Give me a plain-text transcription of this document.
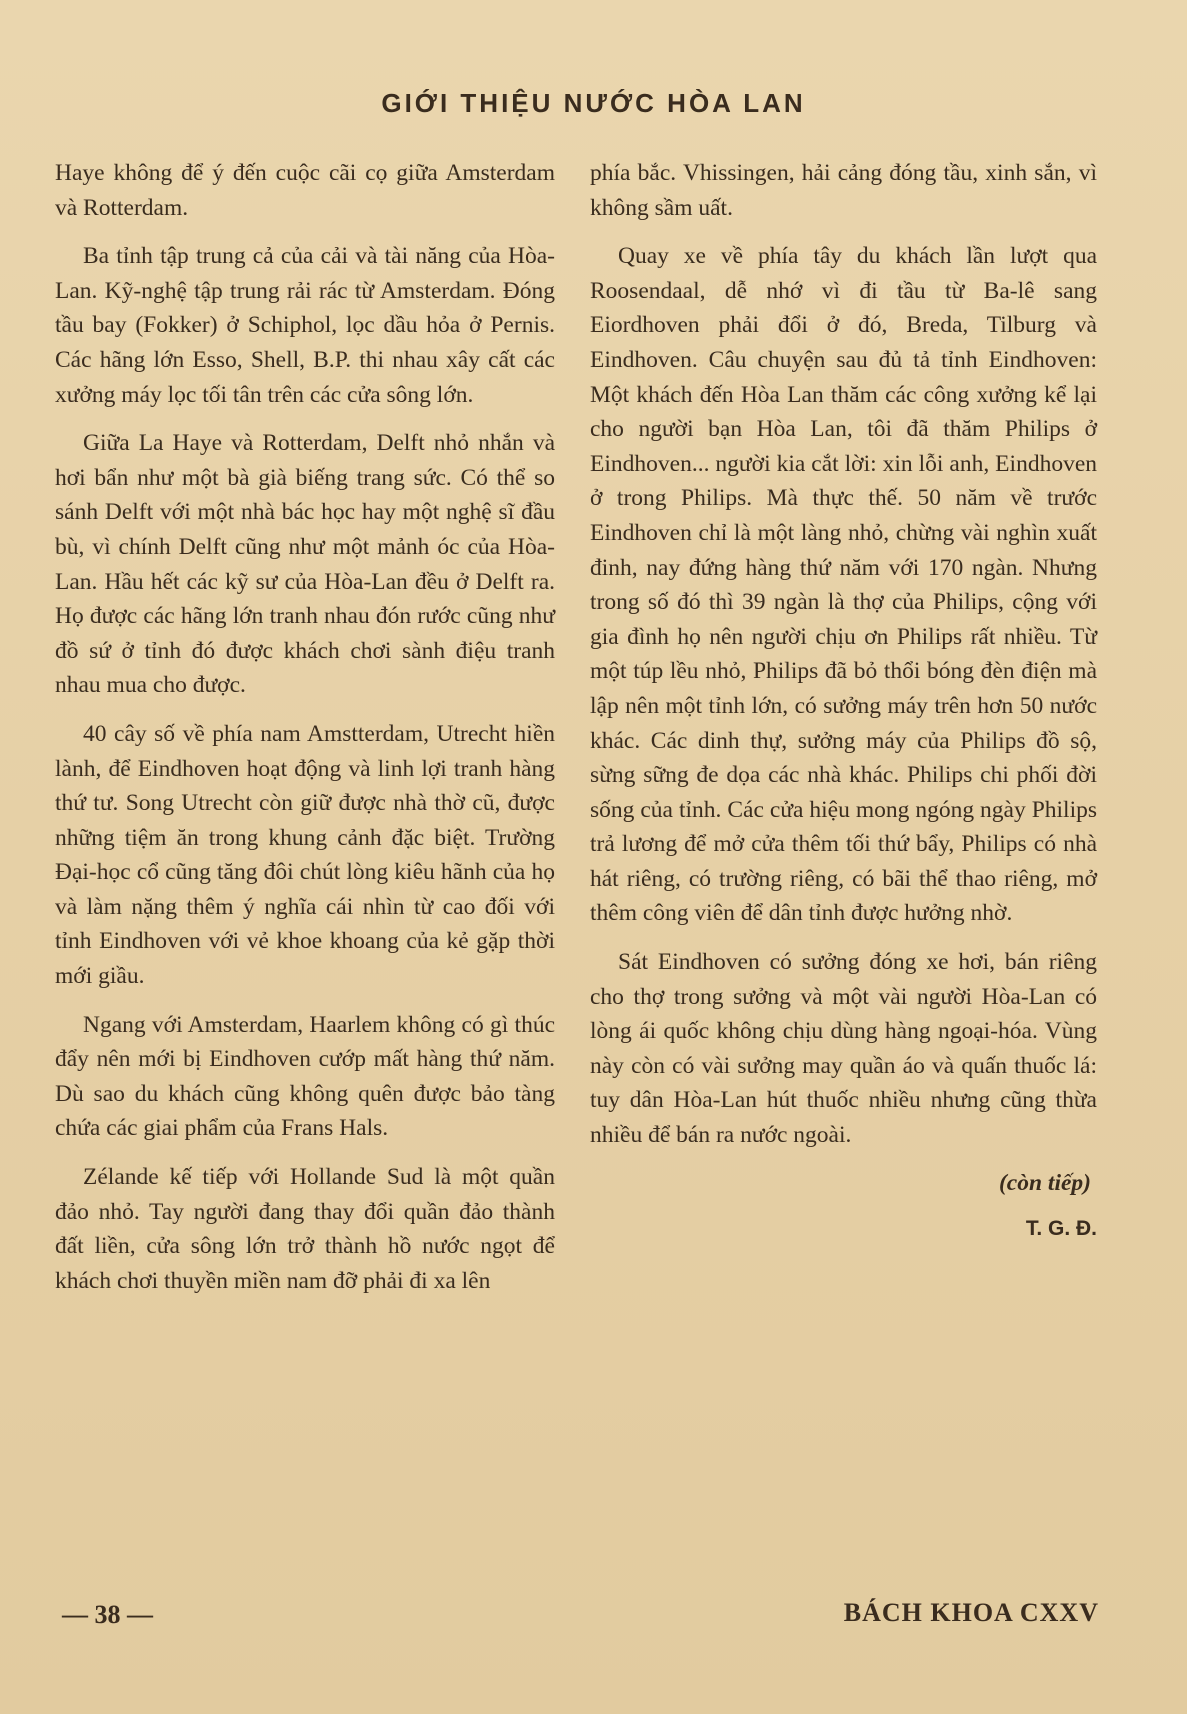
GIỚI THIỆU NƯỚC HÒA LAN

Haye không để ý đến cuộc cãi cọ giữa Amsterdam và Rotterdam.

Ba tỉnh tập trung cả của cải và tài năng của Hòa-Lan. Kỹ-nghệ tập trung rải rác từ Amsterdam. Đóng tầu bay (Fokker) ở Schiphol, lọc dầu hỏa ở Pernis. Các hãng lớn Esso, Shell, B.P. thi nhau xây cất các xưởng máy lọc tối tân trên các cửa sông lớn.

Giữa La Haye và Rotterdam, Delft nhỏ nhắn và hơi bẩn như một bà già biếng trang sức. Có thể so sánh Delft với một nhà bác học hay một nghệ sĩ đầu bù, vì chính Delft cũng như một mảnh óc của Hòa-Lan. Hầu hết các kỹ sư của Hòa-Lan đều ở Delft ra. Họ được các hãng lớn tranh nhau đón rước cũng như đồ sứ ở tỉnh đó được khách chơi sành điệu tranh nhau mua cho được.

40 cây số về phía nam Amstterdam, Utrecht hiền lành, để Eindhoven hoạt động và linh lợi tranh hàng thứ tư. Song Utrecht còn giữ được nhà thờ cũ, được những tiệm ăn trong khung cảnh đặc biệt. Trường Đại-học cổ cũng tăng đôi chút lòng kiêu hãnh của họ và làm nặng thêm ý nghĩa cái nhìn từ cao đối với tỉnh Eindhoven với vẻ khoe khoang của kẻ gặp thời mới giầu.

Ngang với Amsterdam, Haarlem không có gì thúc đẩy nên mới bị Eindhoven cướp mất hàng thứ năm. Dù sao du khách cũng không quên được bảo tàng chứa các giai phẩm của Frans Hals.

Zélande kế tiếp với Hollande Sud là một quần đảo nhỏ. Tay người đang thay đổi quần đảo thành đất liền, cửa sông lớn trở thành hồ nước ngọt để khách chơi thuyền miền nam đỡ phải đi xa lên

phía bắc. Vhissingen, hải cảng đóng tầu, xinh sắn, vì không sầm uất.

Quay xe về phía tây du khách lần lượt qua Roosendaal, dễ nhớ vì đi tầu từ Ba-lê sang Eiordhoven phải đổi ở đó, Breda, Tilburg và Eindhoven. Câu chuyện sau đủ tả tỉnh Eindhoven: Một khách đến Hòa Lan thăm các công xưởng kể lại cho người bạn Hòa Lan, tôi đã thăm Philips ở Eindhoven... người kia cắt lời: xin lỗi anh, Eindhoven ở trong Philips. Mà thực thế. 50 năm về trước Eindhoven chỉ là một làng nhỏ, chừng vài nghìn xuất đinh, nay đứng hàng thứ năm với 170 ngàn. Nhưng trong số đó thì 39 ngàn là thợ của Philips, cộng với gia đình họ nên người chịu ơn Philips rất nhiều. Từ một túp lều nhỏ, Philips đã bỏ thổi bóng đèn điện mà lập nên một tỉnh lớn, có sưởng máy trên hơn 50 nước khác. Các dinh thự, sưởng máy của Philips đồ sộ, sừng sững đe dọa các nhà khác. Philips chi phối đời sống của tỉnh. Các cửa hiệu mong ngóng ngày Philips trả lương để mở cửa thêm tối thứ bẩy, Philips có nhà hát riêng, có trường riêng, có bãi thể thao riêng, mở thêm công viên để dân tỉnh được hưởng nhờ.

Sát Eindhoven có sưởng đóng xe hơi, bán riêng cho thợ trong sưởng và một vài người Hòa-Lan có lòng ái quốc không chịu dùng hàng ngoại-hóa. Vùng này còn có vài sưởng may quần áo và quấn thuốc lá: tuy dân Hòa-Lan hút thuốc nhiều nhưng cũng thừa nhiều để bán ra nước ngoài.

(còn tiếp)

T. G. Đ.

— 38 —	BÁCH KHOA CXXV
